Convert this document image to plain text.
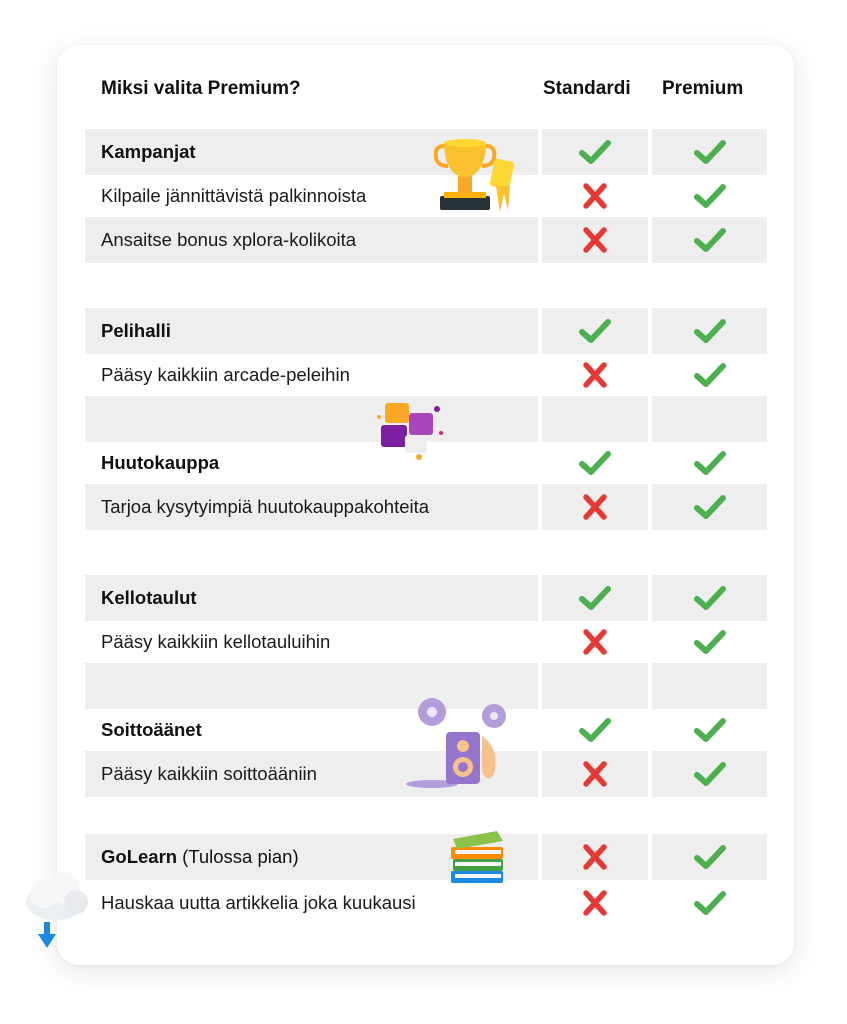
Miksi valita Premium?	Standardi Premium
Kampanjat
Kilpaile jännittävistä palkinnoista
Ansaitse bonus xplora-kolikoita
Pelihalli
Pääsy kaikkiin arcade-peleihin
Huutokauppa
Tarjoa kysytyimpiä huutokauppakohteita
Kellotaulut
Pääsy kaikkiin kellotauluihin
Soittoäänet
Pääsy kaikkiin soittoääniin
GoLearn (Tulossa pian)
Hauskaa uutta artikkelia joka kuukausi
